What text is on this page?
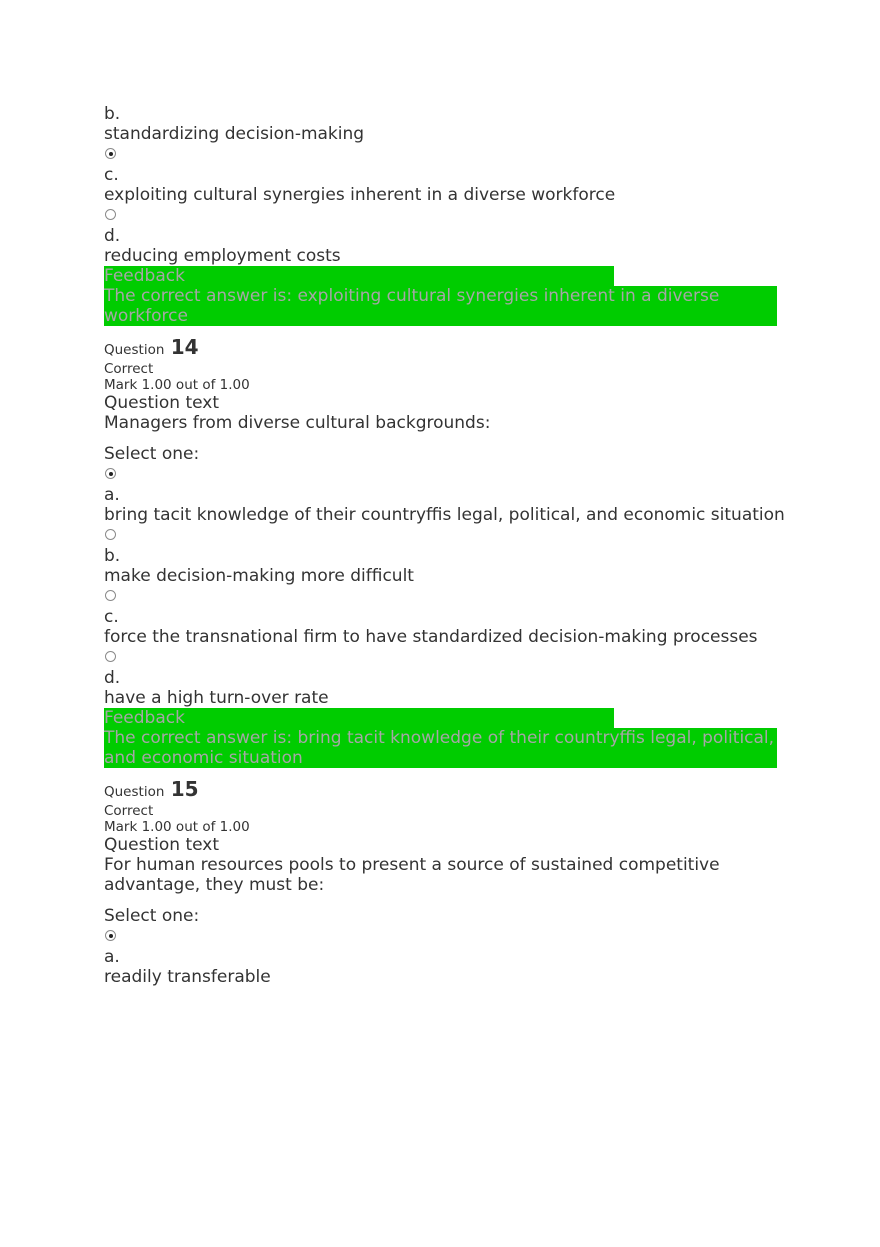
b.
standardizing decision-making
c.
exploiting cultural synergies inherent in a diverse workforce
d.
reducing employment costs
Feedback
The correct answer is: exploiting cultural synergies inherent in a diverse workforce
Question 14
Correct
Mark 1.00 out of 1.00
Question text
Managers from diverse cultural backgrounds:
Select one:
a.
bring tacit knowledge of their countryﬃs legal, political, and economic situation
b.
make decision-making more difﬁcult
c.
force the transnational firm to have standardized decision-making processes
d.
have a high turn-over rate
Feedback
The correct answer is: bring tacit knowledge of their countryﬃs legal, political, and economic situation
Question 15
Correct
Mark 1.00 out of 1.00
Question text
For human resources pools to present a source of sustained competitive advantage, they must be:
Select one:
a.
readily transferable
